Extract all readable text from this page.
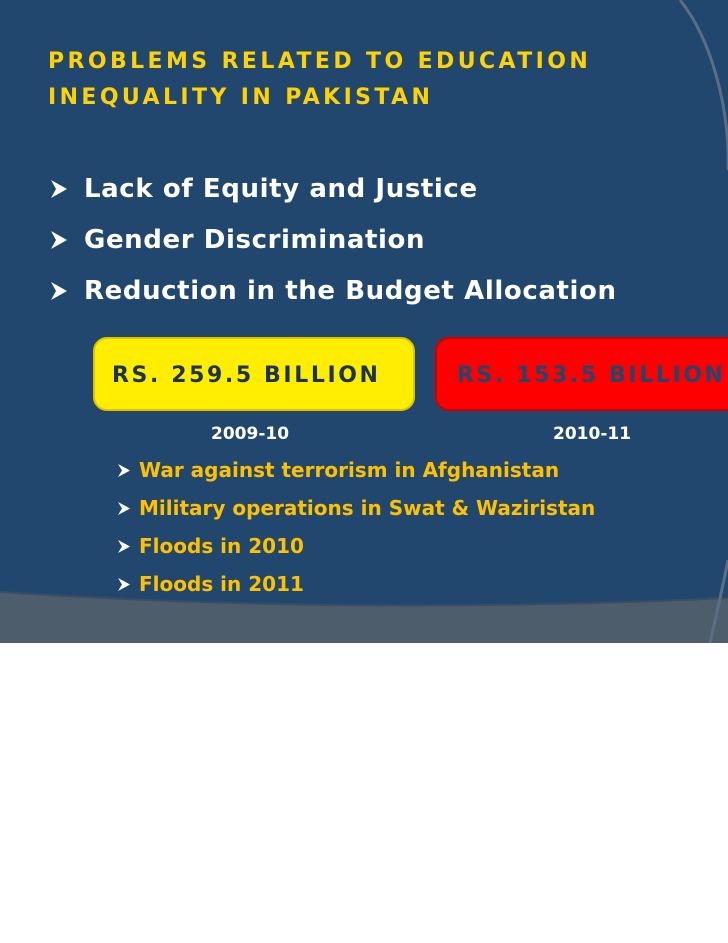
PROBLEMS RELATED TO EDUCATION
INEQUALITY IN PAKISTAN
Lack of Equity and Justice
Gender Discrimination
Reduction in the Budget Allocation
RS. 259.5 BILLION	RS. 153.5 BILLION
2009-10	2010-11
War against terrorism in Afghanistan
Military operations in Swat & Waziristan
Floods in 2010
Floods in 2011
